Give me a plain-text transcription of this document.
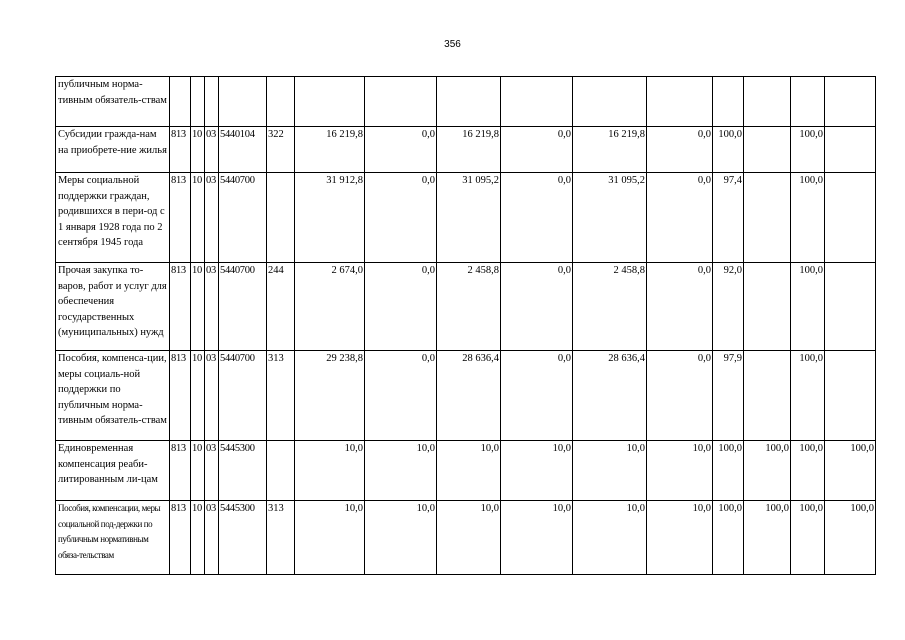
356
публичным норма-тивным обязатель-ствам															
Субсидии гражда-нам на приобрете-ние жилья	813	10	03	5440104	322	16 219,8	0,0	16 219,8	0,0	16 219,8	0,0	100,0		100,0	
Меры социальной поддержки граждан, родившихся в пери-од с 1 января 1928 года по 2 сентября 1945 года	813	10	03	5440700		31 912,8	0,0	31 095,2	0,0	31 095,2	0,0	97,4		100,0	
Прочая закупка то-варов, работ и услуг для обеспечения государственных (муниципальных) нужд	813	10	03	5440700	244	2 674,0	0,0	2 458,8	0,0	2 458,8	0,0	92,0		100,0	
Пособия, компенса-ции, меры социаль-ной поддержки по публичным норма-тивным обязатель-ствам	813	10	03	5440700	313	29 238,8	0,0	28 636,4	0,0	28 636,4	0,0	97,9		100,0	
Единовременная компенсация реаби-литированным ли-цам	813	10	03	5445300		10,0	10,0	10,0	10,0	10,0	10,0	100,0	100,0	100,0	100,0
Пособия, компенсации, меры социальной под-держки по публичным нормативным обяза-тельствам	813	10	03	5445300	313	10,0	10,0	10,0	10,0	10,0	10,0	100,0	100,0	100,0	100,0
